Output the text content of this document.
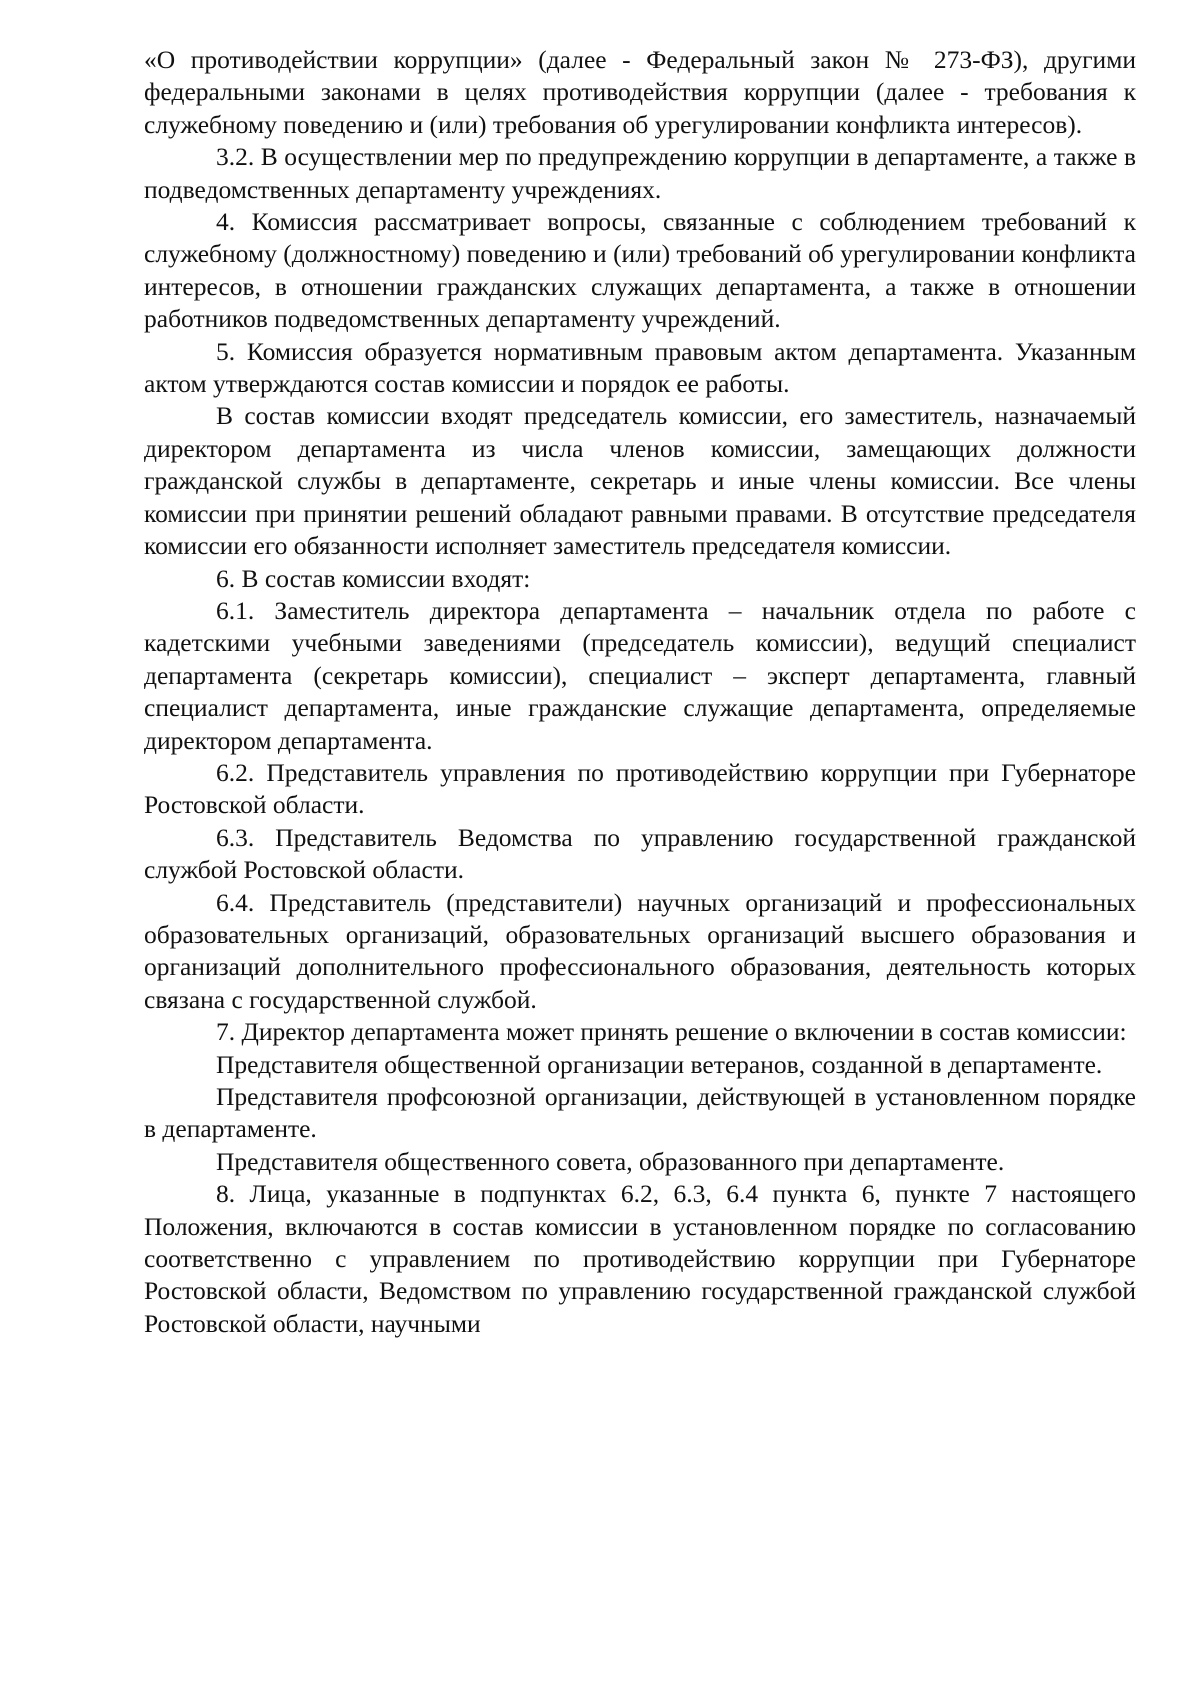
«О противодействии коррупции» (далее - Федеральный закон № 273-ФЗ), другими федеральными законами в целях противодействия коррупции (далее - требования к служебному поведению и (или) требования об урегулировании конфликта интересов).

3.2. В осуществлении мер по предупреждению коррупции в департаменте, а также в подведомственных департаменту учреждениях.

4. Комиссия рассматривает вопросы, связанные с соблюдением требований к служебному (должностному) поведению и (или) требований об урегулировании конфликта интересов, в отношении гражданских служащих департамента, а также в отношении работников подведомственных департаменту учреждений.

5. Комиссия образуется нормативным правовым актом департамента. Указанным актом утверждаются состав комиссии и порядок ее работы.

В состав комиссии входят председатель комиссии, его заместитель, назначаемый директором департамента из числа членов комиссии, замещающих должности гражданской службы в департаменте, секретарь и иные члены комиссии. Все члены комиссии при принятии решений обладают равными правами. В отсутствие председателя комиссии его обязанности исполняет заместитель председателя комиссии.

6. В состав комиссии входят:

6.1. Заместитель директора департамента – начальник отдела по работе с кадетскими учебными заведениями (председатель комиссии), ведущий специалист департамента (секретарь комиссии), специалист – эксперт департамента, главный специалист департамента, иные гражданские служащие департамента, определяемые директором департамента.

6.2. Представитель управления по противодействию коррупции при Губернаторе Ростовской области.

6.3. Представитель Ведомства по управлению государственной гражданской службой Ростовской области.

6.4. Представитель (представители) научных организаций и профессиональных образовательных организаций, образовательных организаций высшего образования и организаций дополнительного профессионального образования, деятельность которых связана с государственной службой.

7. Директор департамента может принять решение о включении в состав комиссии:

Представителя общественной организации ветеранов, созданной в департаменте.

Представителя профсоюзной организации, действующей в установленном порядке в департаменте.

Представителя общественного совета, образованного при департаменте.

8. Лица, указанные в подпунктах 6.2, 6.3, 6.4 пункта 6, пункте 7 настоящего Положения, включаются в состав комиссии в установленном порядке по согласованию соответственно с управлением по противодействию коррупции при Губернаторе Ростовской области, Ведомством по управлению государственной гражданской службой Ростовской области, научными
